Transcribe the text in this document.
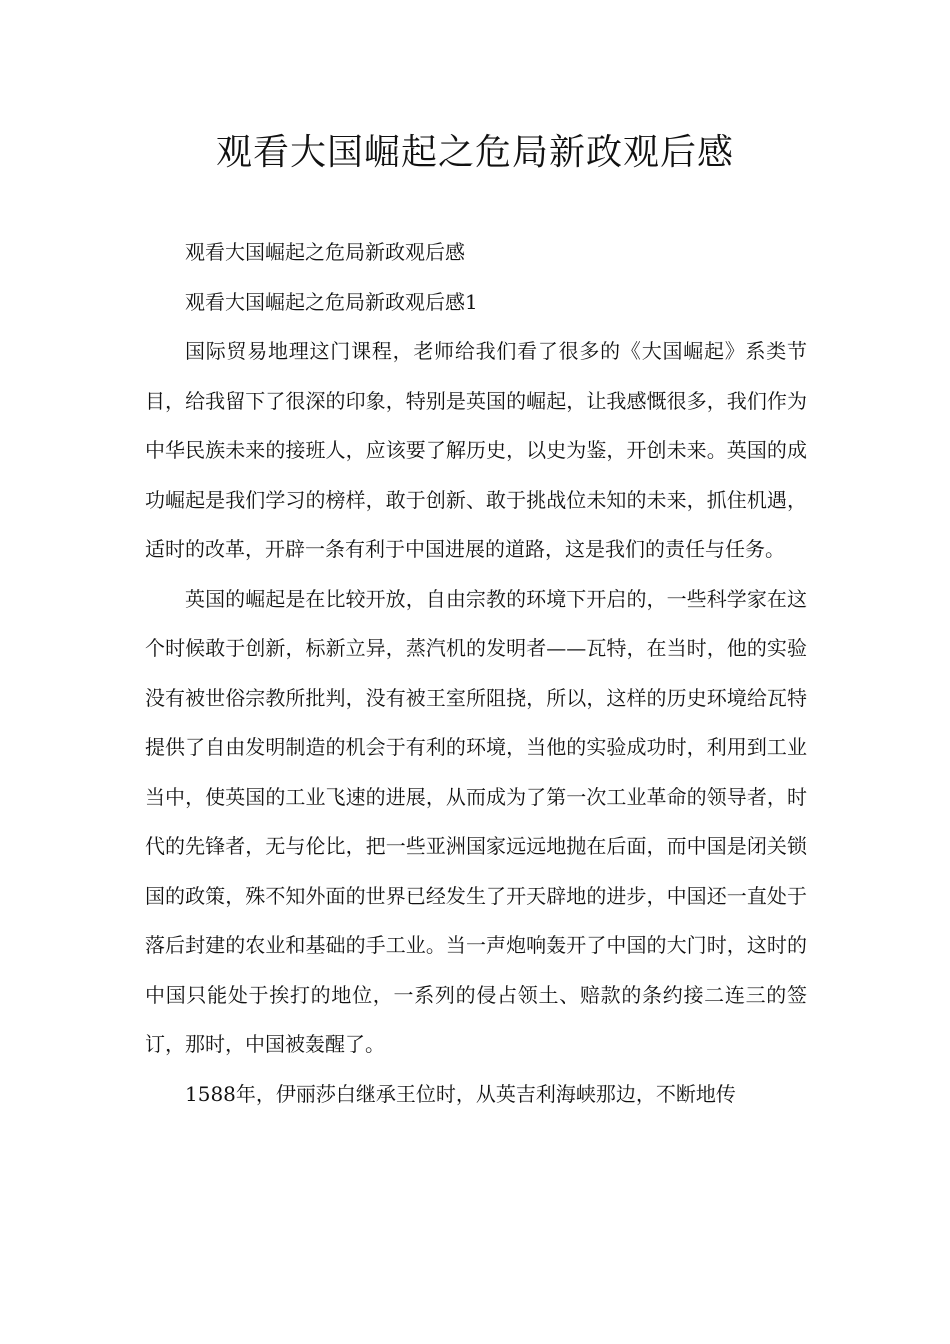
观看大国崛起之危局新政观后感

观看大国崛起之危局新政观后感

观看大国崛起之危局新政观后感1

国际贸易地理这门课程，老师给我们看了很多的《大国崛起》系类节目，给我留下了很深的印象，特别是英国的崛起，让我感慨很多，我们作为中华民族未来的接班人，应该要了解历史，以史为鉴，开创未来。英国的成功崛起是我们学习的榜样，敢于创新、敢于挑战位未知的未来，抓住机遇，适时的改革，开辟一条有利于中国进展的道路，这是我们的责任与任务。

英国的崛起是在比较开放，自由宗教的环境下开启的，一些科学家在这个时候敢于创新，标新立异，蒸汽机的发明者——瓦特，在当时，他的实验没有被世俗宗教所批判，没有被王室所阻挠，所以，这样的历史环境给瓦特提供了自由发明制造的机会于有利的环境，当他的实验成功时，利用到工业当中，使英国的工业飞速的进展，从而成为了第一次工业革命的领导者，时代的先锋者，无与伦比，把一些亚洲国家远远地抛在后面，而中国是闭关锁国的政策，殊不知外面的世界已经发生了开天辟地的进步，中国还一直处于落后封建的农业和基础的手工业。当一声炮响轰开了中国的大门时，这时的中国只能处于挨打的地位，一系列的侵占领土、赔款的条约接二连三的签订，那时，中国被轰醒了。

1588年，伊丽莎白继承王位时，从英吉利海峡那边，不断地传
